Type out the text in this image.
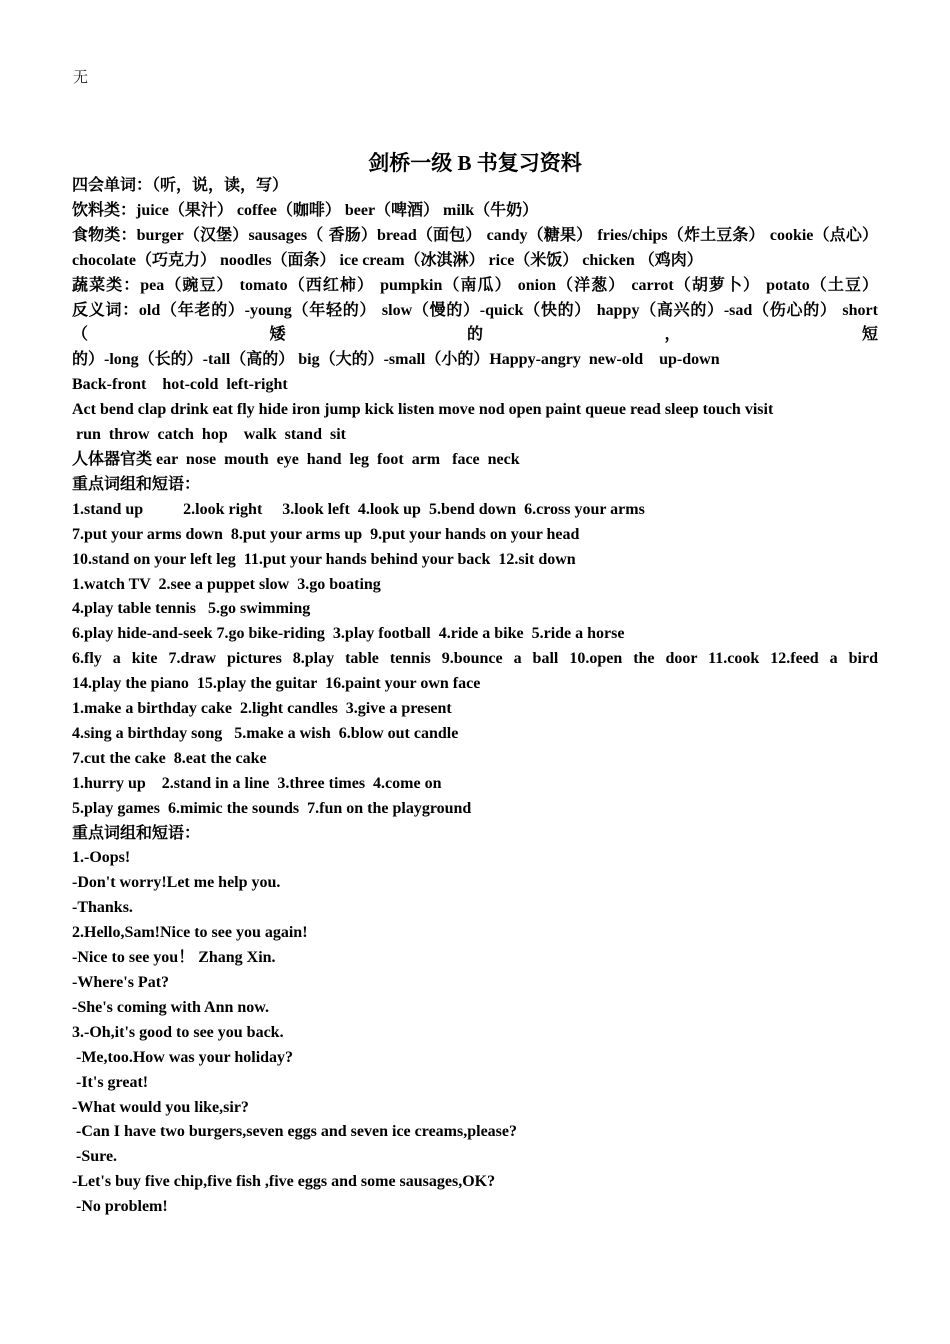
无
剑桥一级 B 书复习资料
四会单词：（听，说，读，写）
饮料类：juice（果汁） coffee（咖啡） beer（啤酒） milk（牛奶）
食物类：burger（汉堡）sausages（ 香肠）bread（面包） candy（糖果） fries/chips（炸土豆条） cookie（点心）
chocolate（巧克力） noodles（面条） ice cream（冰淇淋） rice（米饭） chicken （鸡肉）
蔬菜类：pea（豌豆） tomato（西红柿） pumpkin（南瓜） onion（洋葱） carrot（胡萝卜） potato（土豆）
反义词：old（年老的）-young（年轻的） slow（慢的）-quick（快的） happy（高兴的）-sad（伤心的） short（矮的，短
的）-long（长的）-tall（高的） big（大的）-small（小的）Happy-angry  new-old    up-down
Back-front    hot-cold  left-right
Act bend clap drink eat fly hide iron jump kick listen move nod open paint queue read sleep touch visit
run  throw  catch  hop    walk  stand  sit
人体器官类 ear  nose  mouth  eye  hand  leg  foot  arm   face  neck
重点词组和短语：
1.stand up          2.look right     3.look left  4.look up  5.bend down  6.cross your arms
7.put your arms down  8.put your arms up  9.put your hands on your head
10.stand on your left leg  11.put your hands behind your back  12.sit down
1.watch TV  2.see a puppet slow  3.go boating
4.play table tennis   5.go swimming
6.play hide-and-seek 7.go bike-riding  3.play football  4.ride a bike  5.ride a horse
6.fly a kite 7.draw pictures 8.play table tennis 9.bounce a ball 10.open the door 11.cook 12.feed a bird
14.play the piano  15.play the guitar  16.paint your own face
1.make a birthday cake  2.light candles  3.give a present
4.sing a birthday song   5.make a wish  6.blow out candle
7.cut the cake  8.eat the cake
1.hurry up    2.stand in a line  3.three times  4.come on
5.play games  6.mimic the sounds  7.fun on the playground
重点词组和短语：
1.-Oops!
-Don't worry!Let me help you.
-Thanks.
2.Hello,Sam!Nice to see you again!
-Nice to see you！ Zhang Xin.
-Where's Pat?
-She's coming with Ann now.
3.-Oh,it's good to see you back.
-Me,too.How was your holiday?
-It's great!
-What would you like,sir?
-Can I have two burgers,seven eggs and seven ice creams,please?
-Sure.
-Let's buy five chip,five fish ,five eggs and some sausages,OK?
-No problem!
